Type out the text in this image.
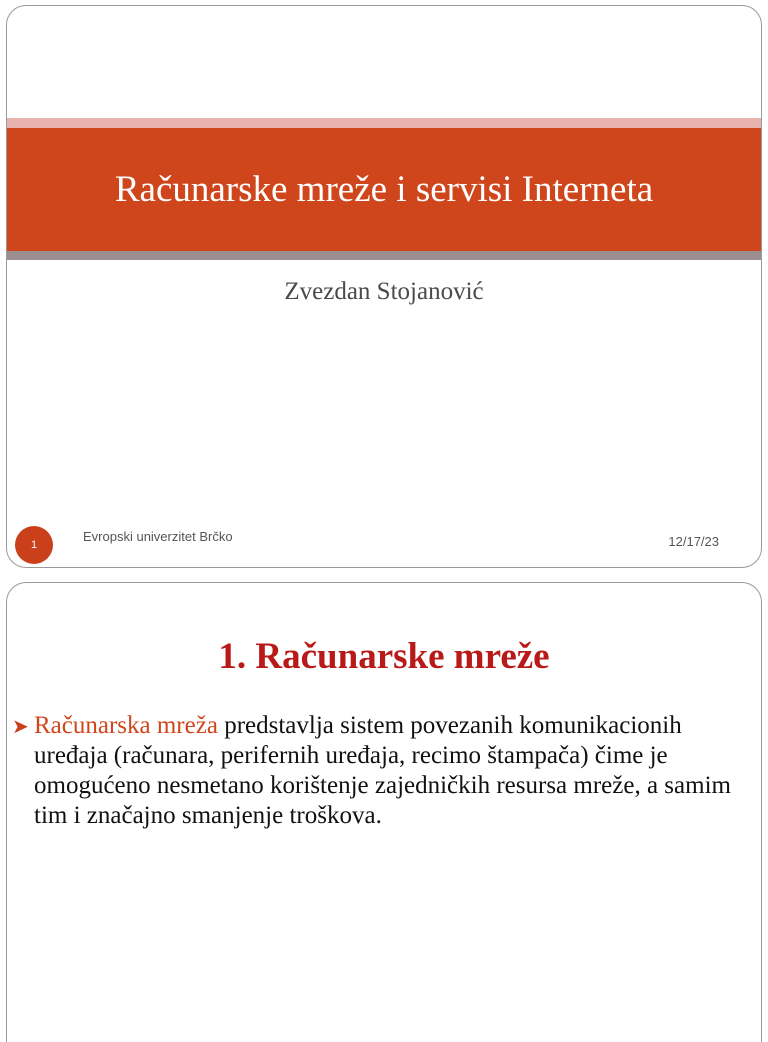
Računarske mreže i servisi Interneta
Zvezdan Stojanović
1
Evropski univerzitet Brčko	12/17/23
1. Računarske mreže
➤ Računarska mreža predstavlja sistem povezanih komunikacionih uređaja (računara, perifernih uređaja, recimo štampača) čime je omogućeno nesmetano korištenje zajedničkih resursa mreže, a samim tim i značajno smanjenje troškova.
